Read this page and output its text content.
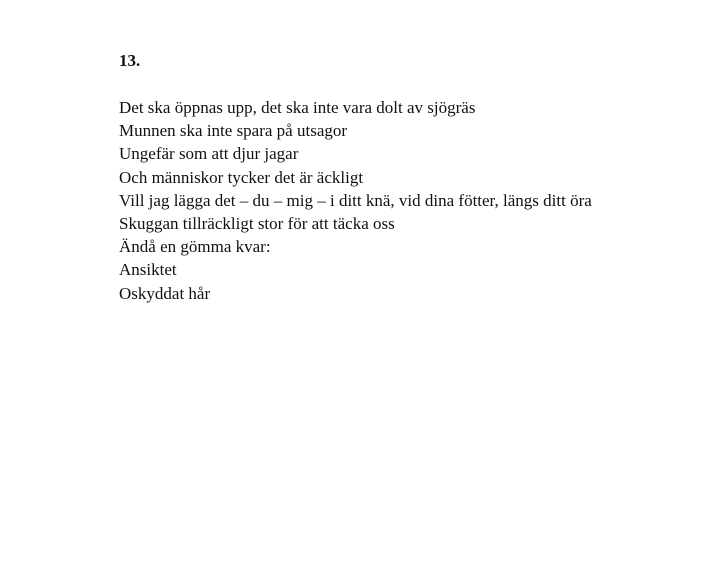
13.
Det ska öppnas upp, det ska inte vara dolt av sjögräs
Munnen ska inte spara på utsagor
Ungefär som att djur jagar
Och människor tycker det är äckligt
Vill jag lägga det – du – mig – i ditt knä, vid dina fötter, längs ditt öra
Skuggan tillräckligt stor för att täcka oss
Ändå en gömma kvar:
Ansiktet
Oskyddat hår
